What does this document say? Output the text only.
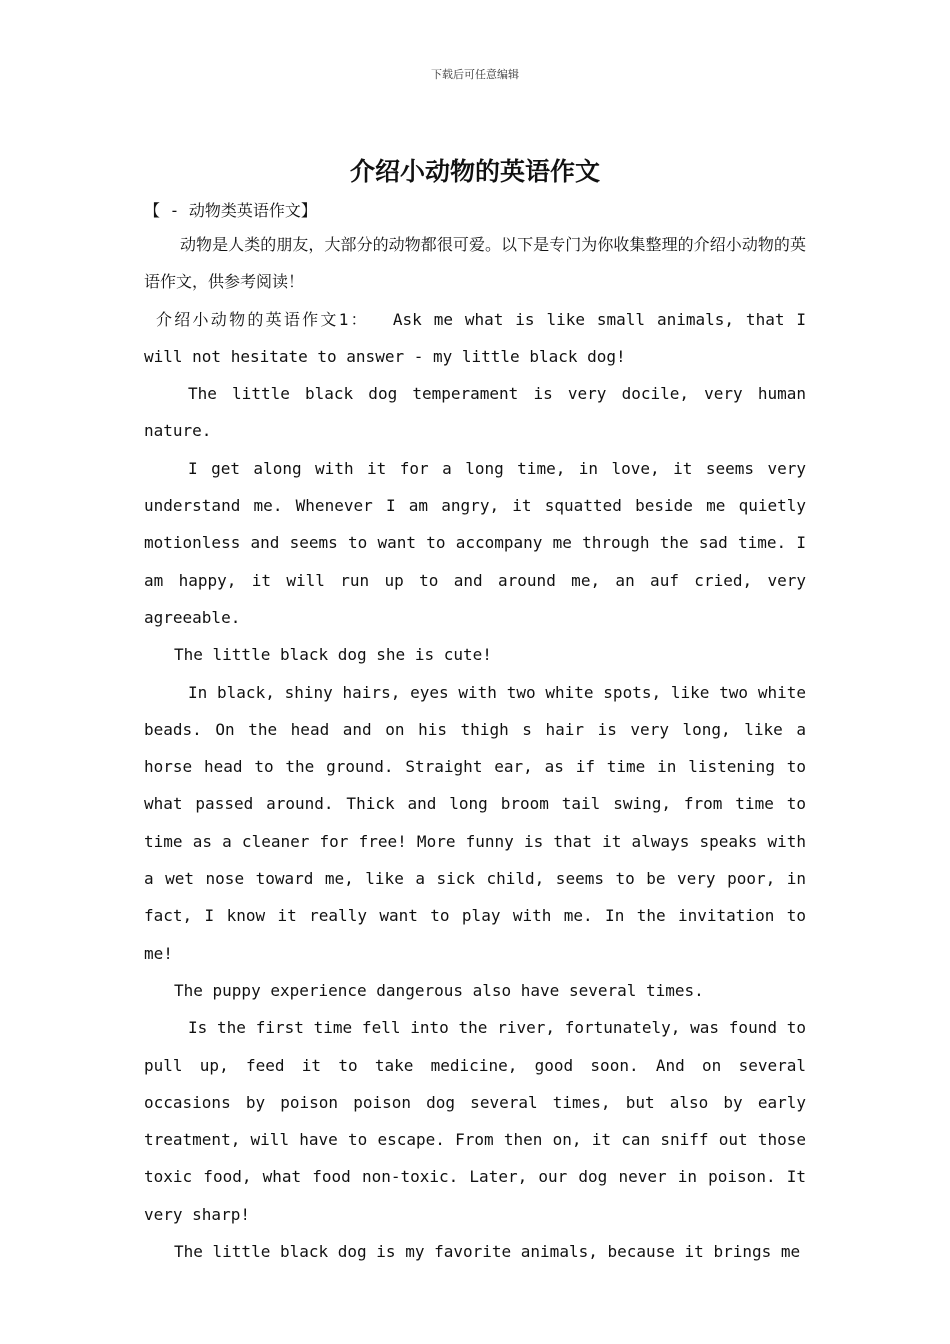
下载后可任意编辑
介绍小动物的英语作文
【 - 动物类英语作文】

动物是人类的朋友，大部分的动物都很可爱。以下是专门为你收集整理的介绍小动物的英语作文，供参考阅读！

介绍小动物的英语作文1： Ask me what is like small animals, that I will not hesitate to answer - my little black dog!

The little black dog temperament is very docile, very human nature.

I get along with it for a long time, in love, it seems very understand me. Whenever I am angry, it squatted beside me quietly motionless and seems to want to accompany me through the sad time. I am happy, it will run up to and around me, an auf cried, very agreeable.

The little black dog she is cute!

In black, shiny hairs, eyes with two white spots, like two white beads. On the head and on his thigh s hair is very long, like a horse head to the ground. Straight ear, as if time in listening to what passed around. Thick and long broom tail swing, from time to time as a cleaner for free! More funny is that it always speaks with a wet nose toward me, like a sick child, seems to be very poor, in fact, I know it really want to play with me. In the invitation to me!

The puppy experience dangerous also have several times.

Is the first time fell into the river, fortunately, was found to pull up, feed it to take medicine, good soon. And on several occasions by poison poison dog several times, but also by early treatment, will have to escape. From then on, it can sniff out those toxic food, what food non-toxic. Later, our dog never in poison. It very sharp!

The little black dog is my favorite animals, because it brings me
